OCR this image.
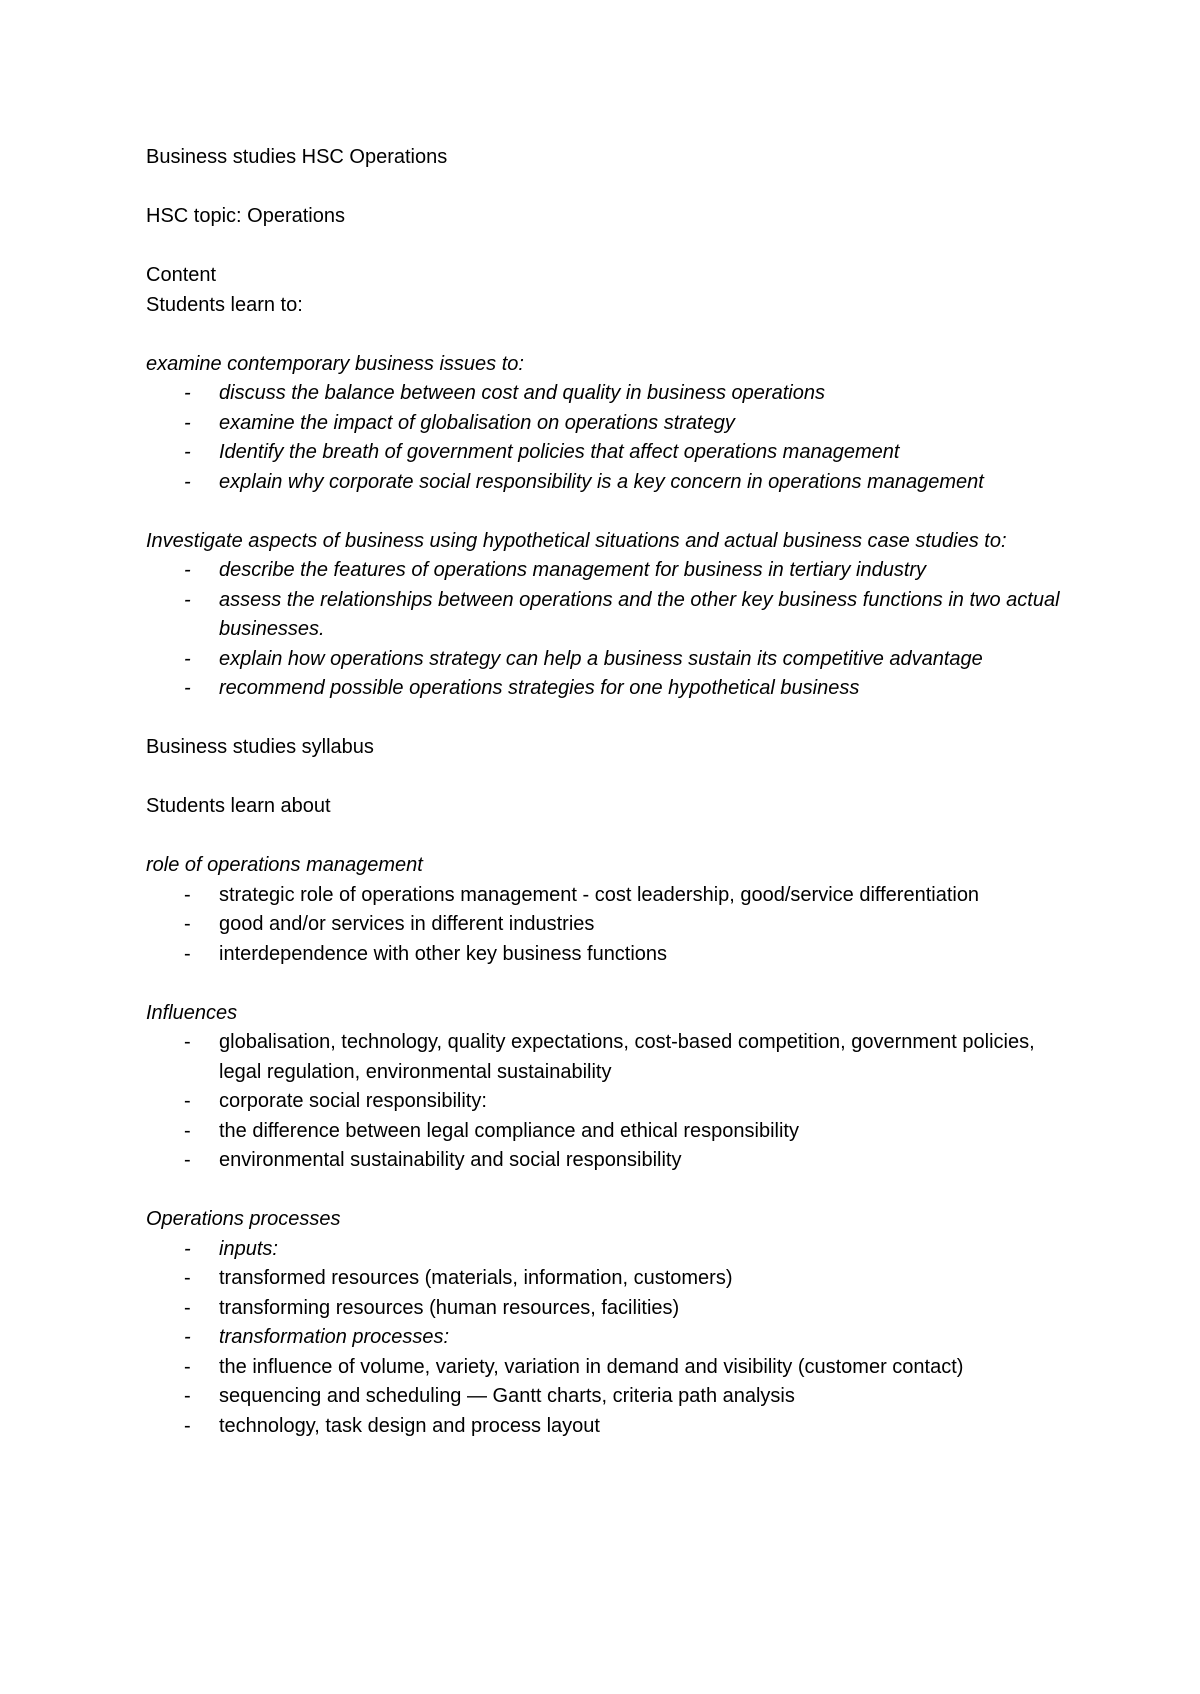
Business studies HSC Operations

HSC topic: Operations

Content

Students learn to:

examine contemporary business issues to:

- discuss the balance between cost and quality in business operations
- examine the impact of globalisation on operations strategy
- Identify the breath of government policies that affect operations management
- explain why corporate social responsibility is a key concern in operations management

Investigate aspects of business using hypothetical situations and actual business case studies to:

- describe the features of operations management for business in tertiary industry
- assess the relationships between operations and the other key business functions in two actual businesses.
- explain how operations strategy can help a business sustain its competitive advantage
- recommend possible operations strategies for one hypothetical business

Business studies syllabus

Students learn about

role of operations management

- strategic role of operations management - cost leadership, good/service differentiation
- good and/or services in different industries
- interdependence with other key business functions

Influences

- globalisation, technology, quality expectations, cost-based competition, government policies, legal regulation, environmental sustainability
- corporate social responsibility:
- the difference between legal compliance and ethical responsibility
- environmental sustainability and social responsibility

Operations processes

- inputs:
- transformed resources (materials, information, customers)
- transforming resources (human resources, facilities)
- transformation processes:
- the influence of volume, variety, variation in demand and visibility (customer contact)
- sequencing and scheduling — Gantt charts, criteria path analysis
- technology, task design and process layout
